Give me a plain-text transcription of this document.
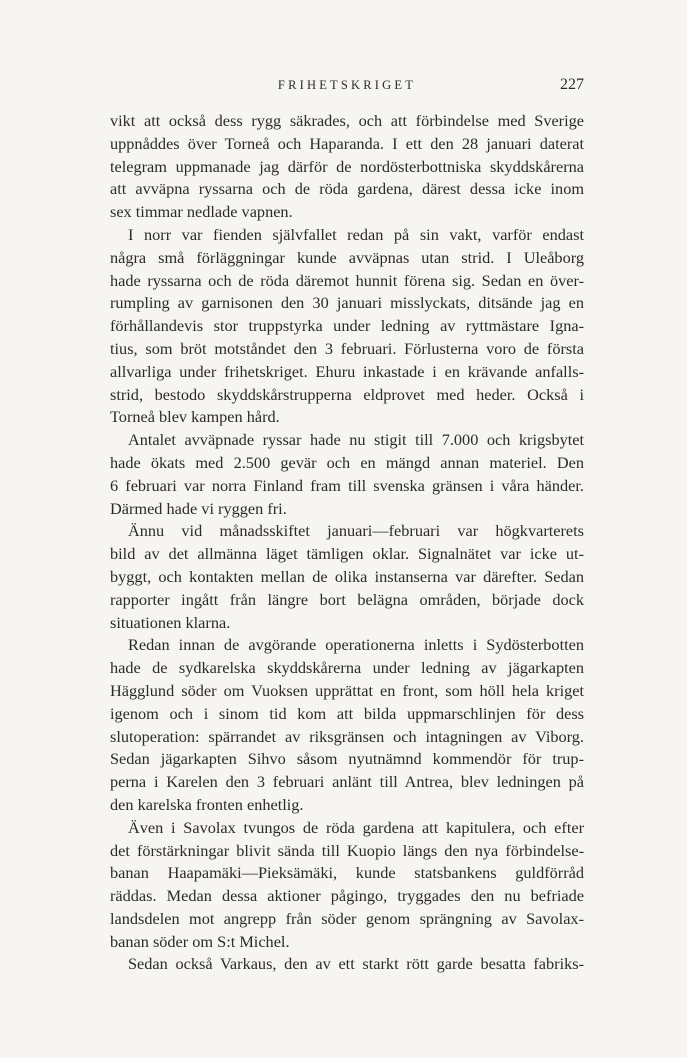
FRIHETSKRIGET	227

vikt att också dess rygg säkrades, och att förbindelse med Sverige
uppnåddes över Torneå och Haparanda. I ett den 28 januari daterat
telegram uppmanade jag därför de nordösterbottniska skyddskårerna
att avväpna ryssarna och de röda gardena, därest dessa icke inom
sex timmar nedlade vapnen.

I norr var fienden självfallet redan på sin vakt, varför endast
några små förläggningar kunde avväpnas utan strid. I Uleåborg
hade ryssarna och de röda däremot hunnit förena sig. Sedan en över-
rumpling av garnisonen den 30 januari misslyckats, ditsände jag en
förhållandevis stor truppstyrka under ledning av ryttmästare Igna-
tius, som bröt motståndet den 3 februari. Förlusterna voro de första
allvarliga under frihetskriget. Ehuru inkastade i en krävande anfalls-
strid, bestodo skyddskårstrupperna eldprovet med heder. Också i
Torneå blev kampen hård.

Antalet avväpnade ryssar hade nu stigit till 7.000 och krigsbytet
hade ökats med 2.500 gevär och en mängd annan materiel. Den
6 februari var norra Finland fram till svenska gränsen i våra händer.
Därmed hade vi ryggen fri.

Ännu vid månadsskiftet januari—februari var högkvarterets
bild av det allmänna läget tämligen oklar. Signalnätet var icke ut-
byggt, och kontakten mellan de olika instanserna var därefter. Sedan
rapporter ingått från längre bort belägna områden, började dock
situationen klarna.

Redan innan de avgörande operationerna inletts i Sydösterbotten
hade de sydkarelska skyddskårerna under ledning av jägarkapten
Hägglund söder om Vuoksen upprättat en front, som höll hela kriget
igenom och i sinom tid kom att bilda uppmarschlinjen för dess
slutoperation: spärrandet av riksgränsen och intagningen av Viborg.
Sedan jägarkapten Sihvo såsom nyutnämnd kommendör för trup-
perna i Karelen den 3 februari anlänt till Antrea, blev ledningen på
den karelska fronten enhetlig.

Även i Savolax tvungos de röda gardena att kapitulera, och efter
det förstärkningar blivit sända till Kuopio längs den nya förbindelse-
banan Haapamäki—Pieksämäki, kunde statsbankens guldförråd
räddas. Medan dessa aktioner pågingo, tryggades den nu befriade
landsdelen mot angrepp från söder genom sprängning av Savolax-
banan söder om S:t Michel.

Sedan också Varkaus, den av ett starkt rött garde besatta fabriks-
